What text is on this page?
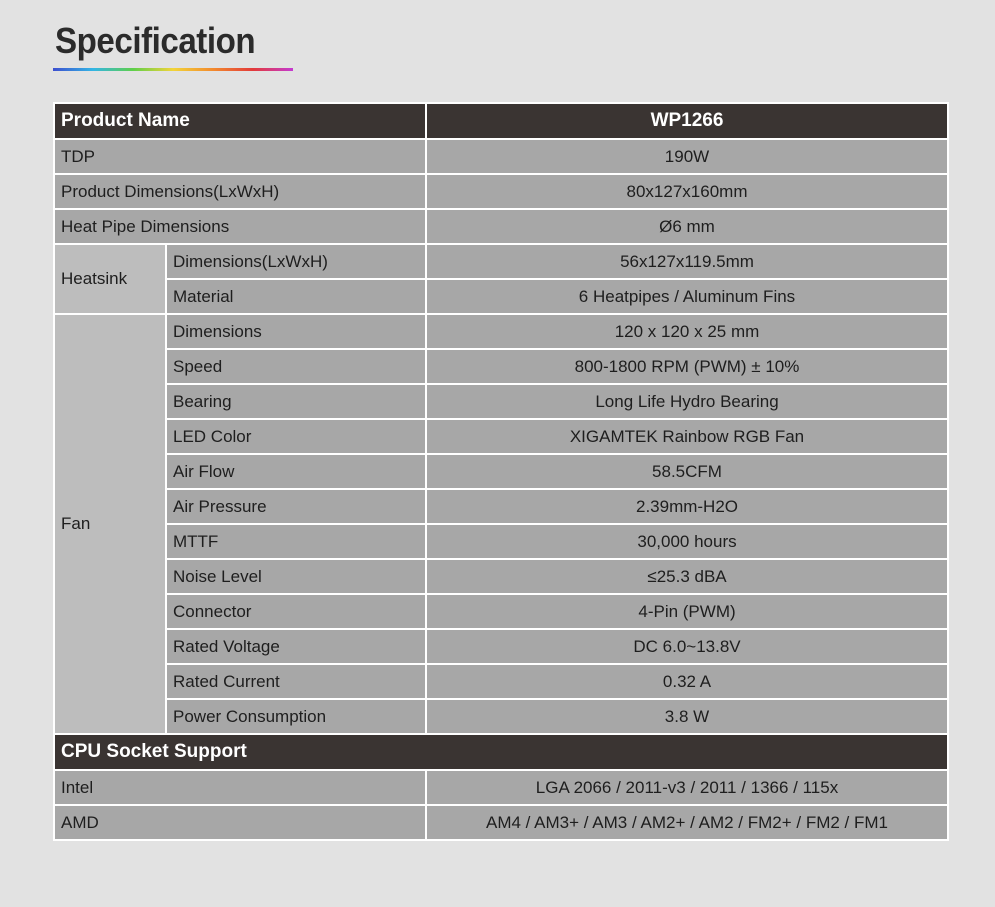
Specification
Product Name		WP1266
TDP		190W
Product Dimensions(LxWxH)		80x127x160mm
Heat Pipe Dimensions		Ø6 mm
Heatsink	Dimensions(LxWxH)	56x127x119.5mm
	Material	6 Heatpipes / Aluminum Fins
Fan	Dimensions	120 x 120 x 25 mm
	Speed	800-1800 RPM (PWM) ± 10%
	Bearing	Long Life Hydro Bearing
	LED Color	XIGAMTEK Rainbow RGB Fan
	Air Flow	58.5CFM
	Air Pressure	2.39mm-H2O
	MTTF	30,000 hours
	Noise Level	≤25.3 dBA
	Connector	4-Pin (PWM)
	Rated Voltage	DC 6.0~13.8V
	Rated Current	0.32 A
	Power Consumption	3.8 W
CPU Socket Support		
Intel		LGA 2066 / 2011-v3 / 2011 / 1366 / 115x
AMD		AM4 / AM3+ / AM3 / AM2+ / AM2 / FM2+ / FM2 / FM1
